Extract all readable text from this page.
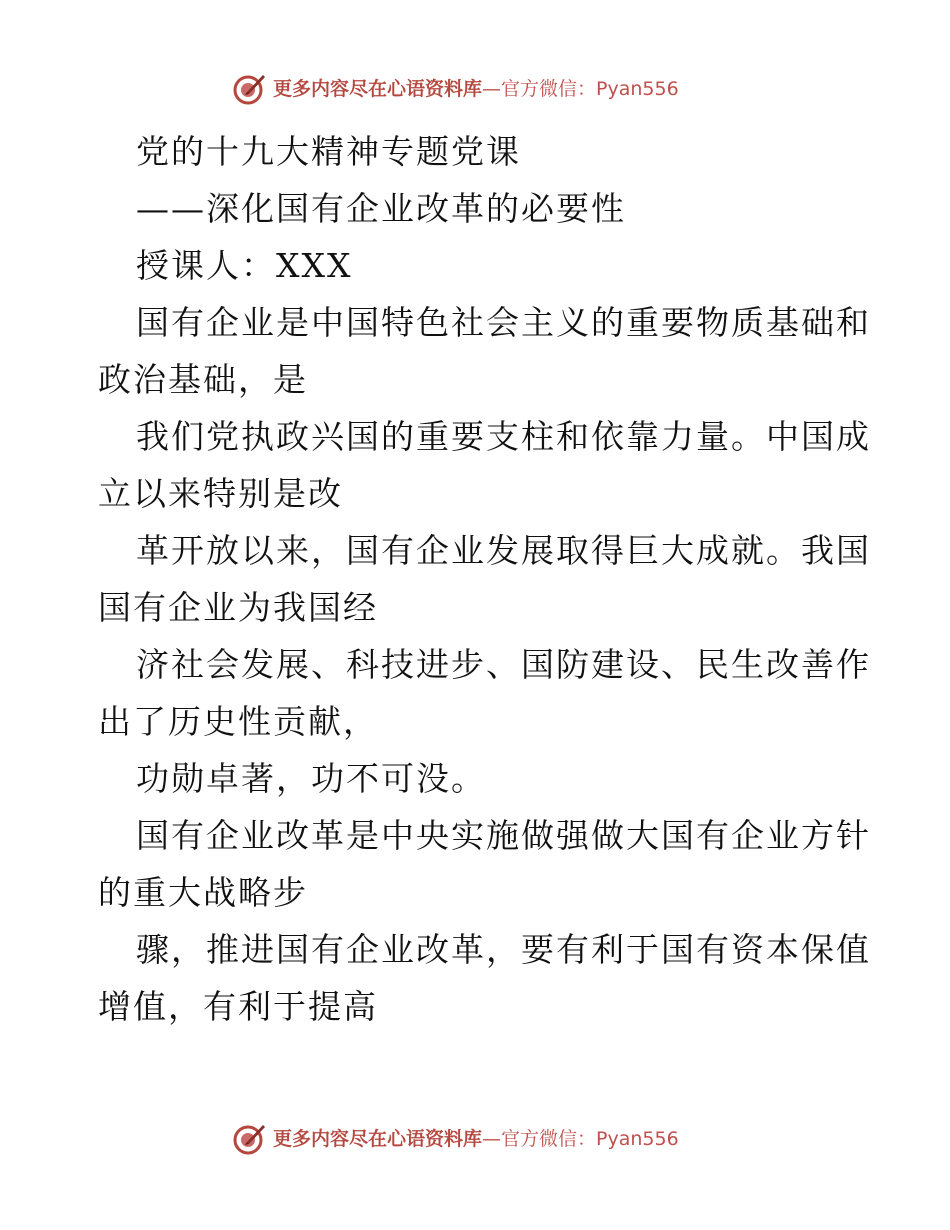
更多内容尽在心语资料库—官方微信：Pyan556
党的十九大精神专题党课
——深化国有企业改革的必要性
授课人：XXX
国有企业是中国特色社会主义的重要物质基础和
政治基础，是
我们党执政兴国的重要支柱和依靠力量。中国成
立以来特别是改
革开放以来，国有企业发展取得巨大成就。我国
国有企业为我国经
济社会发展、科技进步、国防建设、民生改善作
出了历史性贡献，
功勋卓著，功不可没。
国有企业改革是中央实施做强做大国有企业方针
的重大战略步
骤，推进国有企业改革，要有利于国有资本保值
增值，有利于提高
更多内容尽在心语资料库—官方微信：Pyan556
